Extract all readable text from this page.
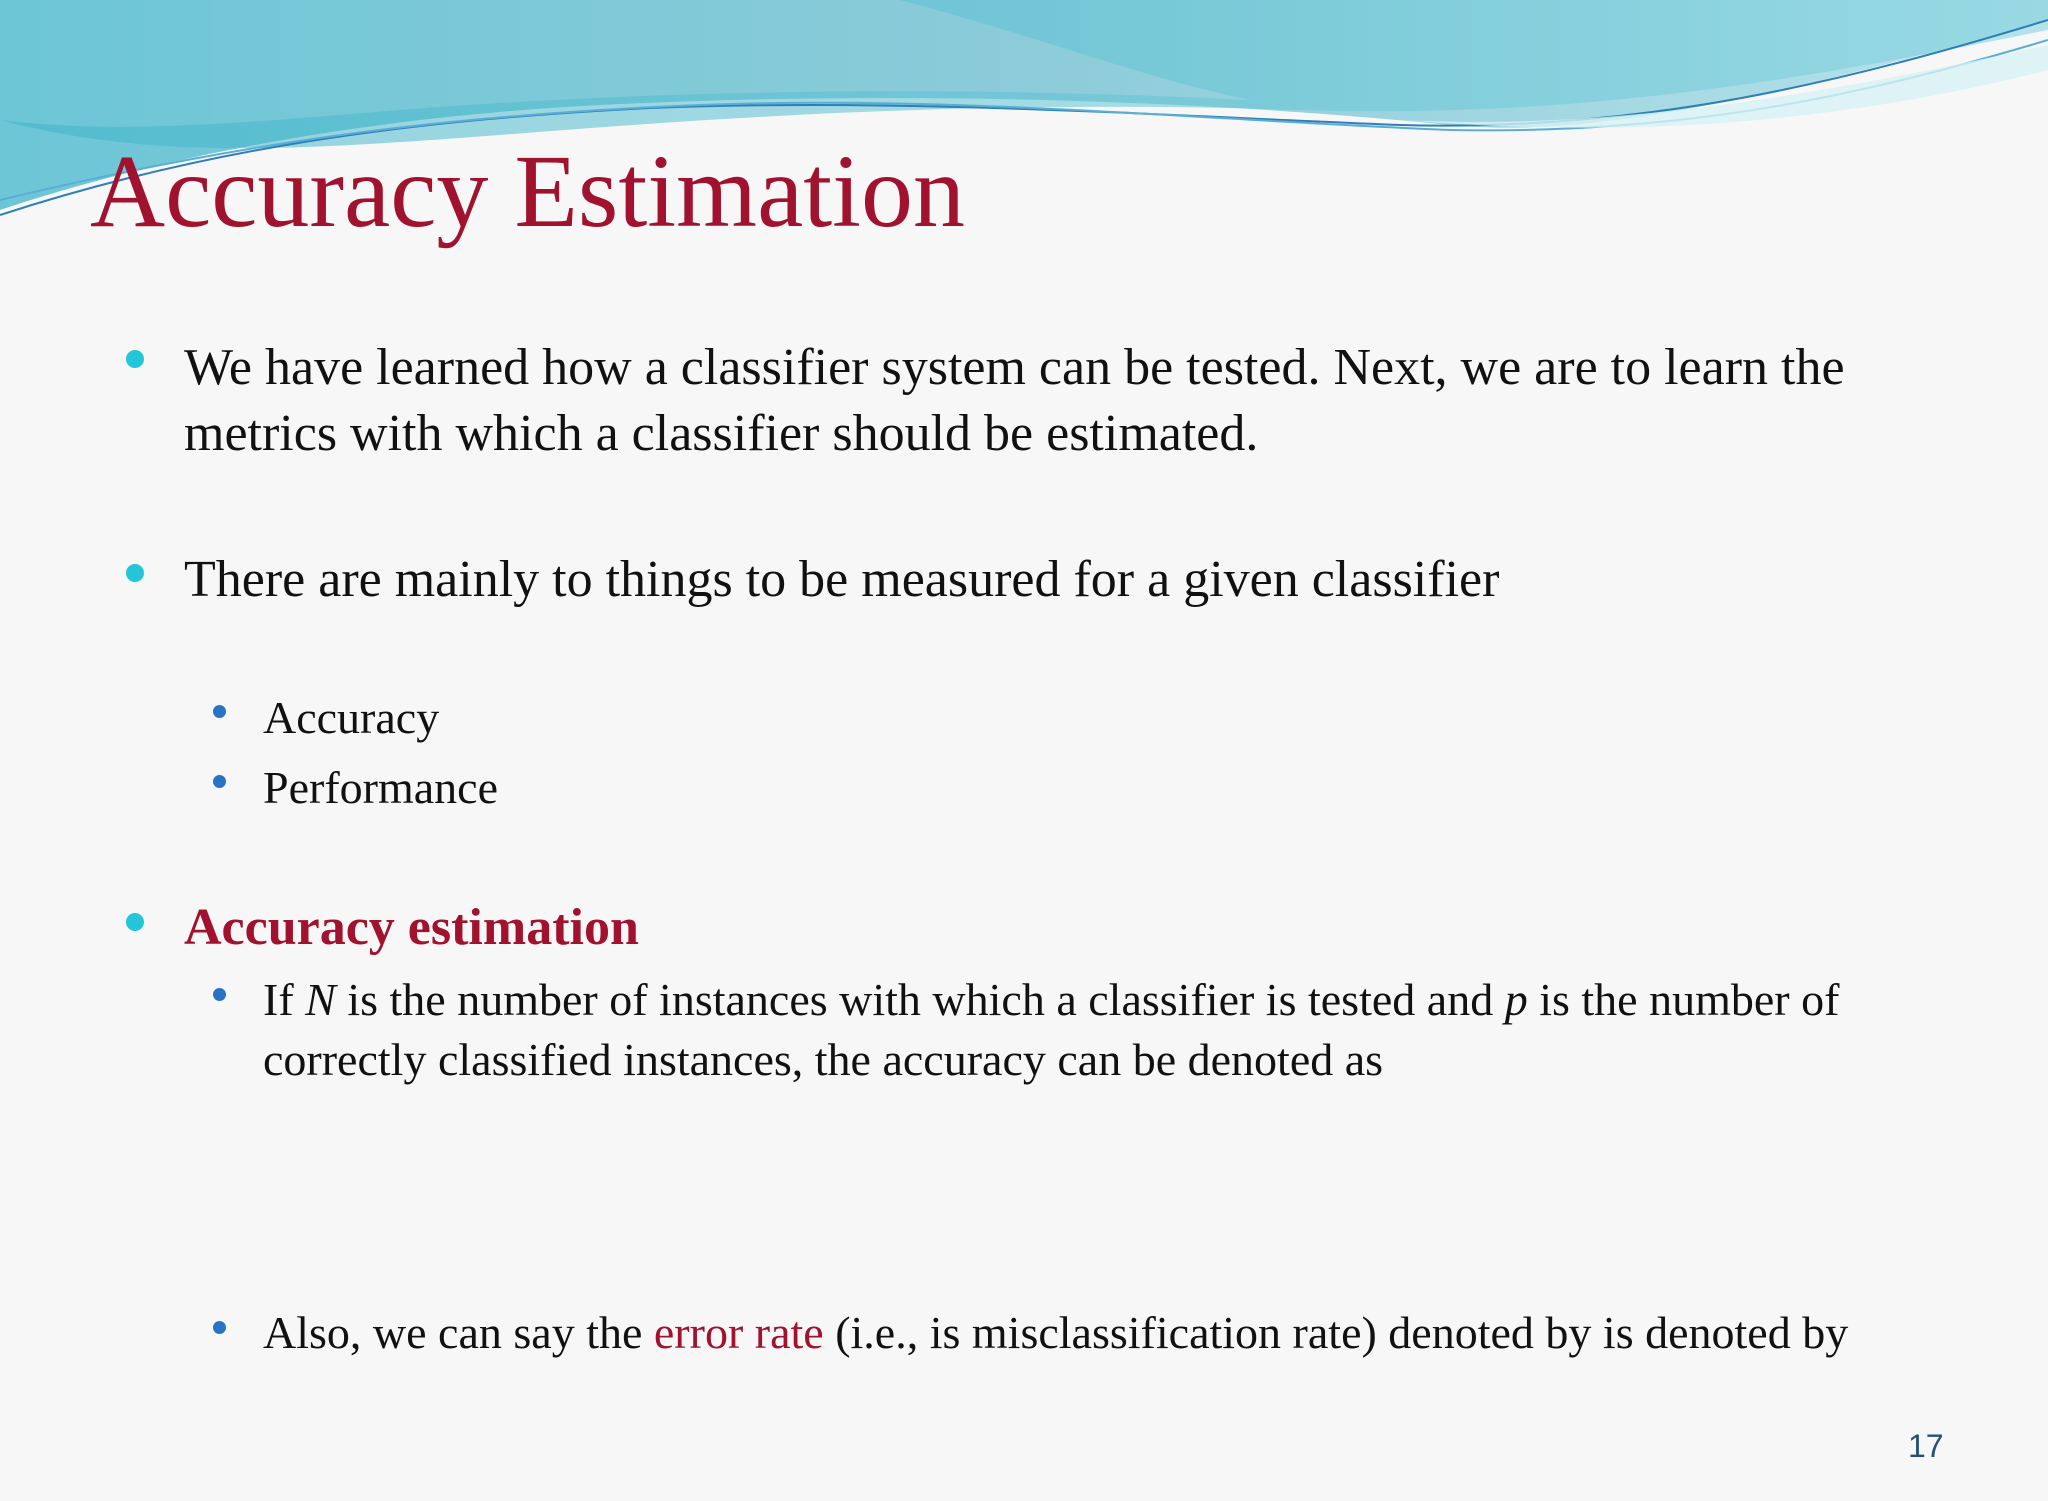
Accuracy Estimation
We have learned how a classifier system can be tested. Next, we are to learn the metrics with which a classifier should be estimated.
There are mainly to things to be measured for a given classifier
Accuracy
Performance
Accuracy estimation
If N is the number of instances with which a classifier is tested and p is the number of correctly classified instances, the accuracy can be denoted as
Also, we can say the error rate (i.e., is misclassification rate) denoted by is denoted by
17
